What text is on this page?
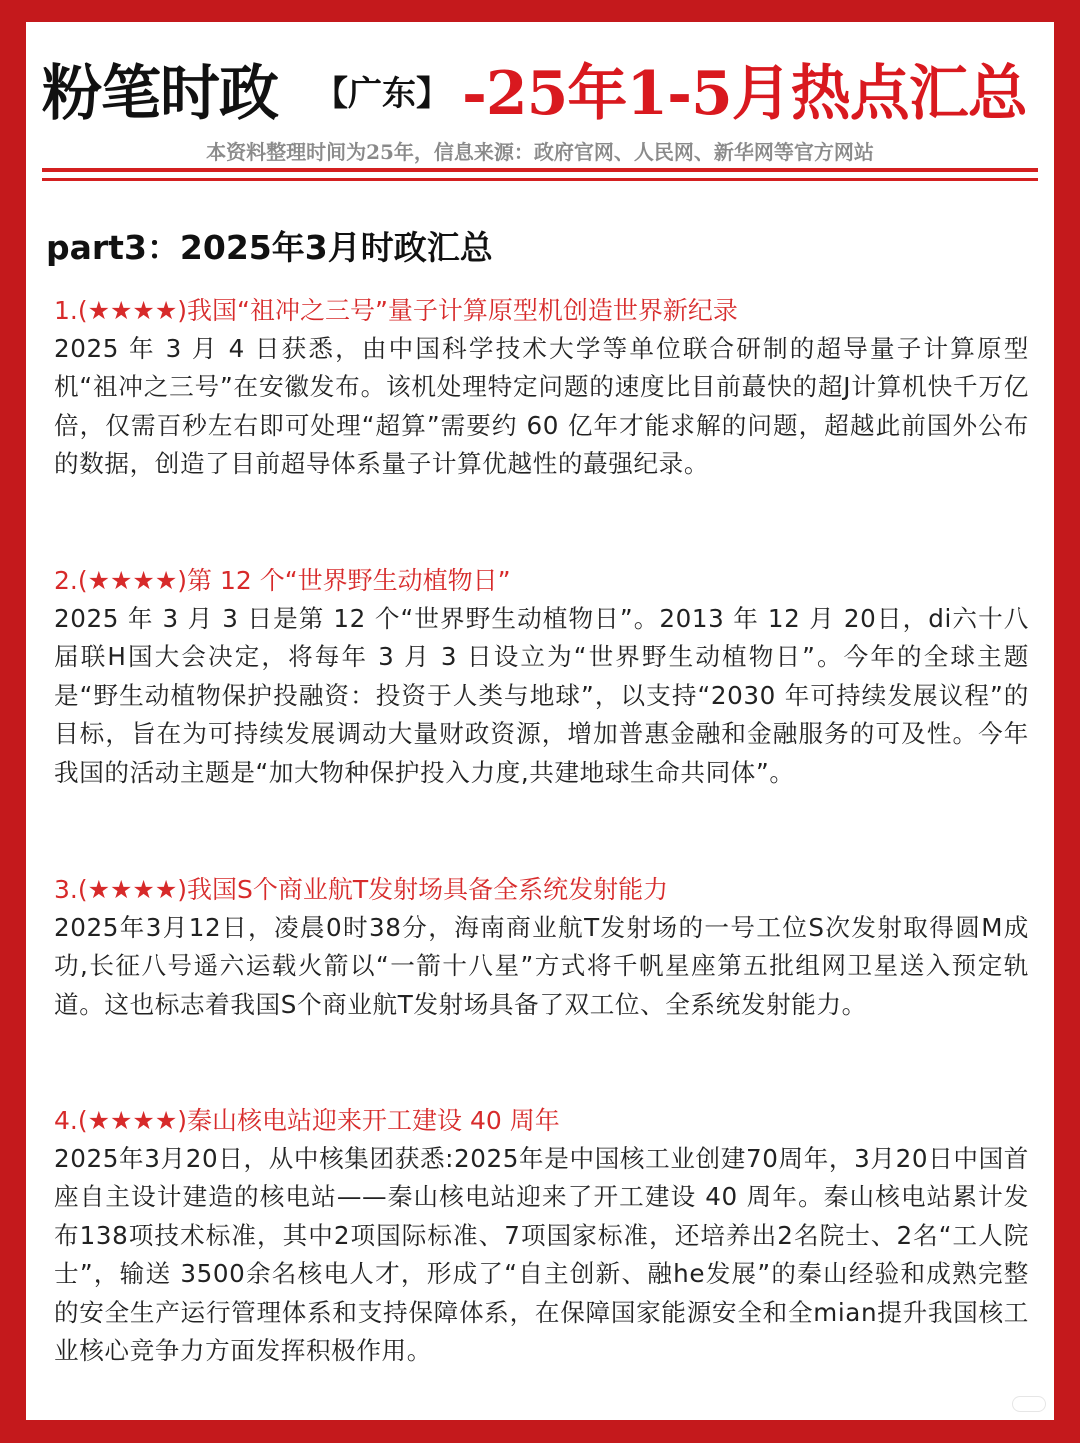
粉笔时政 【广东】 -25年1-5月热点汇总
本资料整理时间为25年，信息来源：政府官网、人民网、新华网等官方网站
part3：2025年3月时政汇总
1.(★★★★)我国“祖冲之三号”量子计算原型机创造世界新纪录
2025 年 3 月 4 日获悉，由中国科学技术大学等单位联合研制的超导量子计算原型机“祖冲之三号”在安徽发布。该机处理特定问题的速度比目前蕞快的超J计算机快千万亿倍，仅需百秒左右即可处理“超算”需要约 60 亿年才能求解的问题，超越此前国外公布的数据，创造了目前超导体系量子计算优越性的蕞强纪录。
2.(★★★★)第 12 个“世界野生动植物日”
2025 年 3 月 3 日是第 12 个“世界野生动植物日”。2013 年 12 月 20日，di六十八届联H国大会决定，将每年 3 月 3 日设立为“世界野生动植物日”。今年的全球主题是“野生动植物保护投融资：投资于人类与地球”，以支持“2030 年可持续发展议程”的目标，旨在为可持续发展调动大量财政资源，增加普惠金融和金融服务的可及性。今年我国的活动主题是“加大物种保护投入力度,共建地球生命共同体”。
3.(★★★★)我国S个商业航T发射场具备全系统发射能力
2025年3月12日，凌晨0时38分，海南商业航T发射场的一号工位S次发射取得圆M成功,长征八号遥六运载火箭以“一箭十八星”方式将千帆星座第五批组网卫星送入预定轨道。这也标志着我国S个商业航T发射场具备了双工位、全系统发射能力。
4.(★★★★)秦山核电站迎来开工建设 40 周年
2025年3月20日，从中核集团获悉:2025年是中国核工业创建70周年，3月20日中国首座自主设计建造的核电站——秦山核电站迎来了开工建设 40 周年。秦山核电站累计发布138项技术标准，其中2项国际标准、7项国家标准，还培养出2名院士、2名“工人院士”，输送 3500余名核电人才，形成了“自主创新、融he发展”的秦山经验和成熟完整的安全生产运行管理体系和支持保障体系，在保障国家能源安全和全mian提升我国核工业核心竞争力方面发挥积极作用。
